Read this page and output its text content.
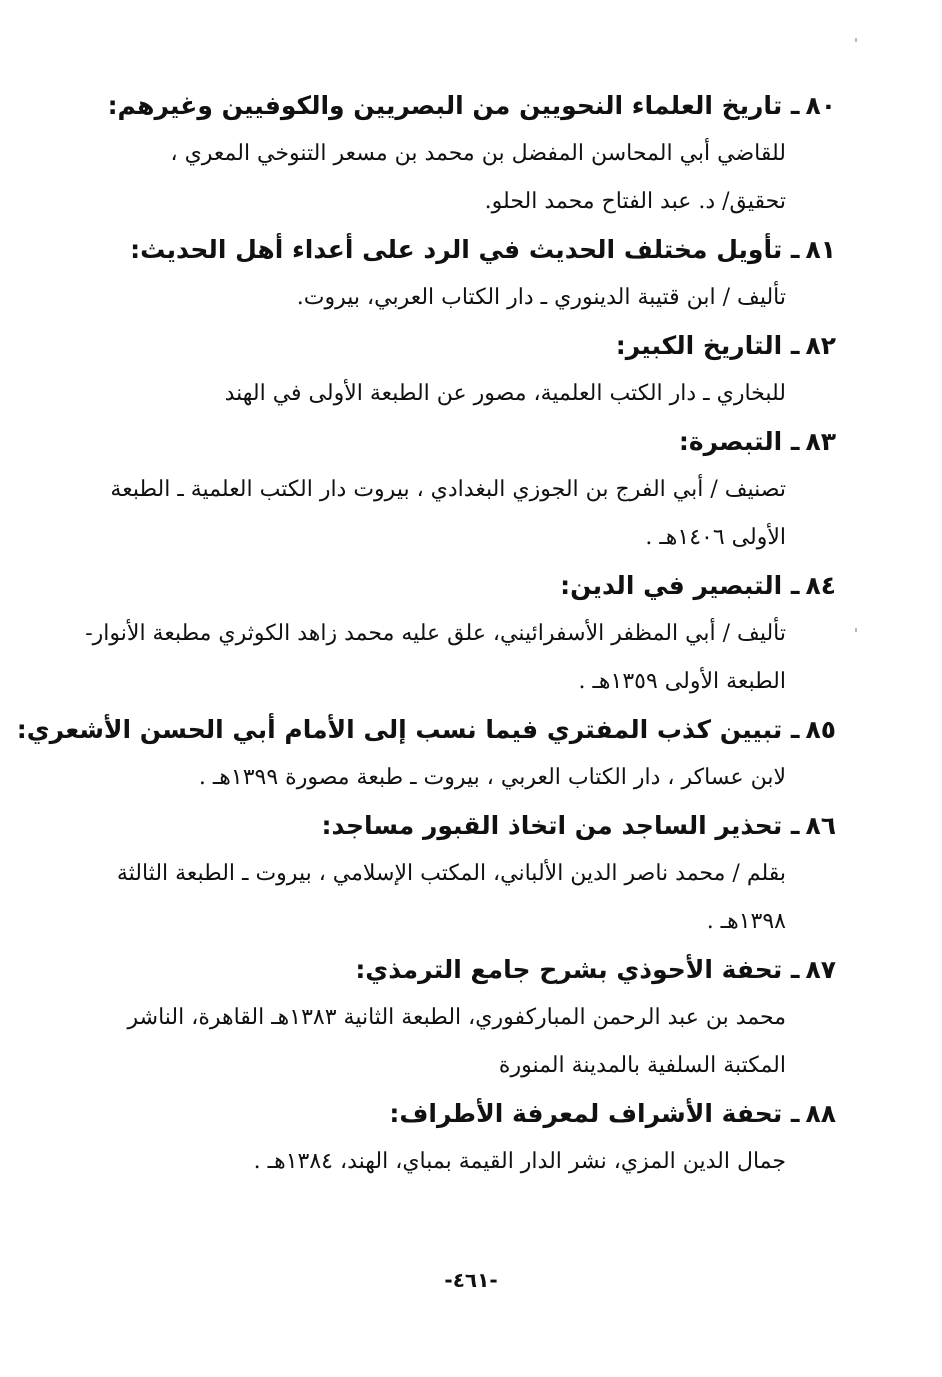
٨٠ـ تاريخ العلماء النحويين من البصريين والكوفيين وغيرهم:
للقاضي أبي المحاسن المفضل بن محمد بن مسعر التنوخي المعري ،
تحقيق/ د. عبد الفتاح محمد الحلو.
٨١ـ تأويل مختلف الحديث في الرد على أعداء أهل الحديث:
تأليف / ابن قتيبة الدينوري ـ دار الكتاب العربي، بيروت.
٨٢ـ التاريخ الكبير:
للبخاري ـ دار الكتب العلمية، مصور عن الطبعة الأولى في الهند
٨٣ـ التبصرة:
تصنيف / أبي الفرج بن الجوزي البغدادي ، بيروت دار الكتب العلمية ـ الطبعة
الأولى ١٤٠٦هـ .
٨٤ـ التبصير في الدين:
تأليف / أبي المظفر الأسفرائيني، علق عليه محمد زاهد الكوثري مطبعة الأنوار-
الطبعة الأولى ١٣٥٩هـ .
٨٥ـ تبيين كذب المفتري فيما نسب إلى الأمام أبي الحسن الأشعري:
لابن عساكر ، دار الكتاب العربي ، بيروت ـ طبعة مصورة ١٣٩٩هـ .
٨٦ـ تحذير الساجد من اتخاذ القبور مساجد:
بقلم / محمد ناصر الدين الألباني، المكتب الإسلامي ، بيروت ـ الطبعة الثالثة
١٣٩٨هـ .
٨٧ـ تحفة الأحوذي بشرح جامع الترمذي:
محمد بن عبد الرحمن المباركفوري، الطبعة الثانية ١٣٨٣هـ القاهرة، الناشر
المكتبة السلفية بالمدينة المنورة
٨٨ـ تحفة الأشراف لمعرفة الأطراف:
جمال الدين المزي، نشر الدار القيمة بمباي، الهند، ١٣٨٤هـ .
-٤٦١-
